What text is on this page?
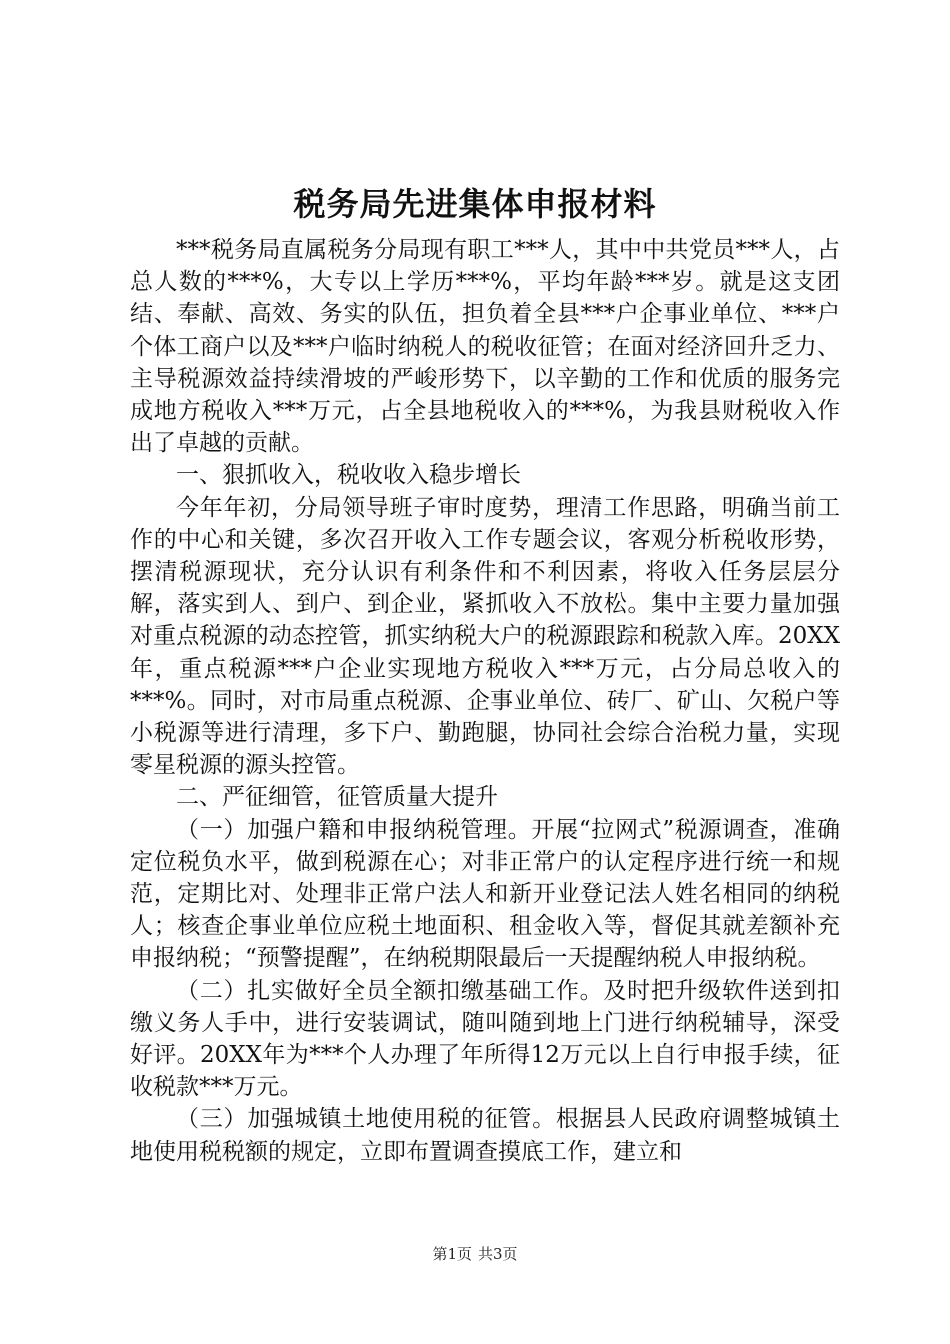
税务局先进集体申报材料

***税务局直属税务分局现有职工***人，其中中共党员***人，占总人数的***%，大专以上学历***%，平均年龄***岁。就是这支团结、奉献、高效、务实的队伍，担负着全县***户企事业单位、***户个体工商户以及***户临时纳税人的税收征管；在面对经济回升乏力、主导税源效益持续滑坡的严峻形势下，以辛勤的工作和优质的服务完成地方税收入***万元，占全县地税收入的***%，为我县财税收入作出了卓越的贡献。

一、狠抓收入，税收收入稳步增长

今年年初，分局领导班子审时度势，理清工作思路，明确当前工作的中心和关键，多次召开收入工作专题会议，客观分析税收形势，摆清税源现状，充分认识有利条件和不利因素，将收入任务层层分解，落实到人、到户、到企业，紧抓收入不放松。集中主要力量加强对重点税源的动态控管，抓实纳税大户的税源跟踪和税款入库。20XX年，重点税源***户企业实现地方税收入***万元，占分局总收入的***%。同时，对市局重点税源、企事业单位、砖厂、矿山、欠税户等小税源等进行清理，多下户、勤跑腿，协同社会综合治税力量，实现零星税源的源头控管。

二、严征细管，征管质量大提升

（一）加强户籍和申报纳税管理。开展“拉网式”税源调查，准确定位税负水平，做到税源在心；对非正常户的认定程序进行统一和规范，定期比对、处理非正常户法人和新开业登记法人姓名相同的纳税人；核查企事业单位应税土地面积、租金收入等，督促其就差额补充申报纳税；“预警提醒”，在纳税期限最后一天提醒纳税人申报纳税。

（二）扎实做好全员全额扣缴基础工作。及时把升级软件送到扣缴义务人手中，进行安装调试，随叫随到地上门进行纳税辅导，深受好评。20XX年为***个人办理了年所得12万元以上自行申报手续，征收税款***万元。

（三）加强城镇土地使用税的征管。根据县人民政府调整城镇土地使用税税额的规定，立即布置调查摸底工作，建立和

第1页 共3页
